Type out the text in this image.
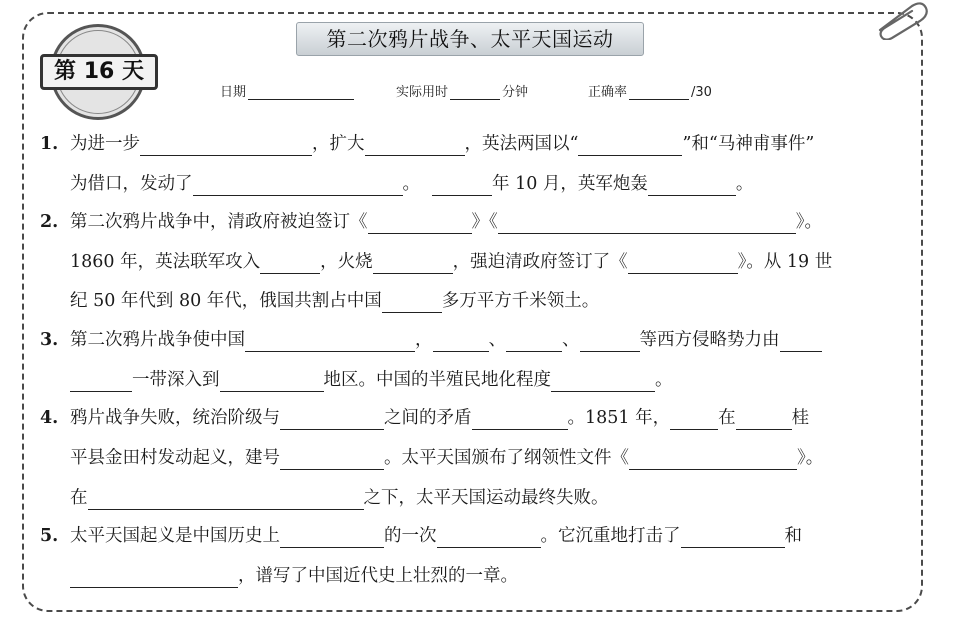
第二次鸦片战争、太平天国运动
第 16 天
日期	实际用时	分钟	正确率	/30
1. 为进一步	，扩大	，英法两国以“	”和“马神甫事件”
为借口，发动了	。	年 10 月，英军炮轰	。
2. 第二次鸦片战争中，清政府被迫签订《	》《	》。
1860 年，英法联军攻入	，火烧	，强迫清政府签订了《	》。从 19 世
纪 50 年代到 80 年代，俄国共割占中国	多万平方千米领土。
3. 第二次鸦片战争使中国	，	、	、	等西方侵略势力由
一带深入到	地区。中国的半殖民地化程度	。
4. 鸦片战争失败，统治阶级与	之间的矛盾	。1851 年，	在	桂
平县金田村发动起义，建号	。太平天国颁布了纲领性文件《	》。
在	之下，太平天国运动最终失败。
5. 太平天国起义是中国历史上	的一次	。它沉重地打击了	和
，谱写了中国近代史上壮烈的一章。
